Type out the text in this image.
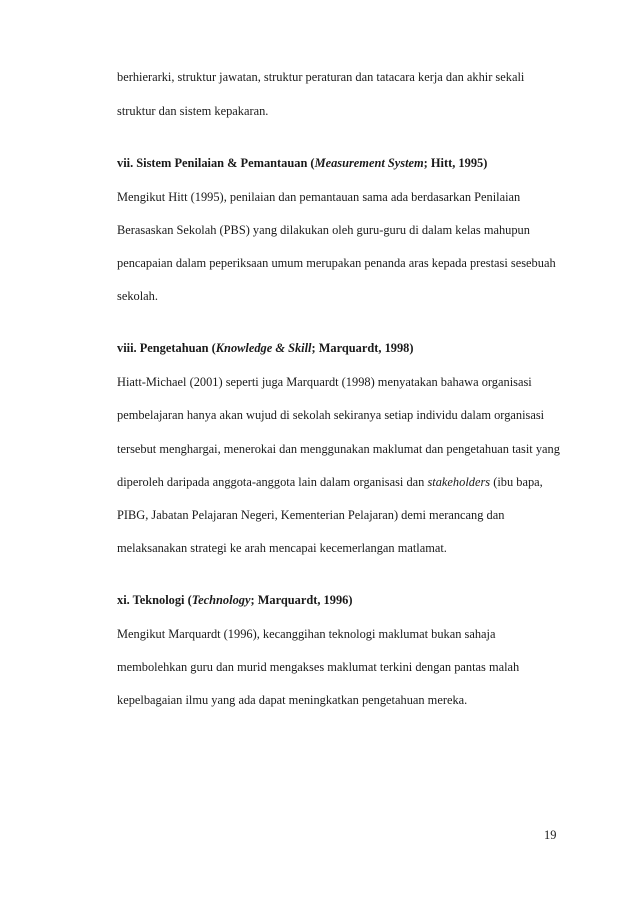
berhierarki, struktur jawatan, struktur peraturan dan tatacara kerja dan akhir sekali
struktur dan sistem kepakaran.
vii. Sistem Penilaian & Pemantauan (Measurement System; Hitt, 1995)
Mengikut Hitt (1995), penilaian dan pemantauan sama ada berdasarkan Penilaian
Berasaskan Sekolah (PBS) yang dilakukan oleh guru-guru di dalam kelas mahupun
pencapaian dalam peperiksaan umum merupakan penanda aras kepada prestasi sesebuah
sekolah.
viii. Pengetahuan (Knowledge & Skill; Marquardt, 1998)
Hiatt-Michael (2001) seperti juga Marquardt (1998) menyatakan bahawa organisasi
pembelajaran hanya akan wujud di sekolah sekiranya setiap individu dalam organisasi
tersebut menghargai, menerokai dan menggunakan maklumat dan pengetahuan tasit yang
diperoleh daripada anggota-anggota lain dalam organisasi dan stakeholders (ibu bapa,
PIBG, Jabatan Pelajaran Negeri, Kementerian Pelajaran) demi merancang dan
melaksanakan strategi ke arah mencapai kecemerlangan matlamat.
xi. Teknologi (Technology; Marquardt, 1996)
Mengikut Marquardt (1996), kecanggihan teknologi maklumat bukan sahaja
membolehkan guru dan murid mengakses maklumat terkini dengan pantas malah
kepelbagaian ilmu yang ada dapat meningkatkan pengetahuan mereka.
19
